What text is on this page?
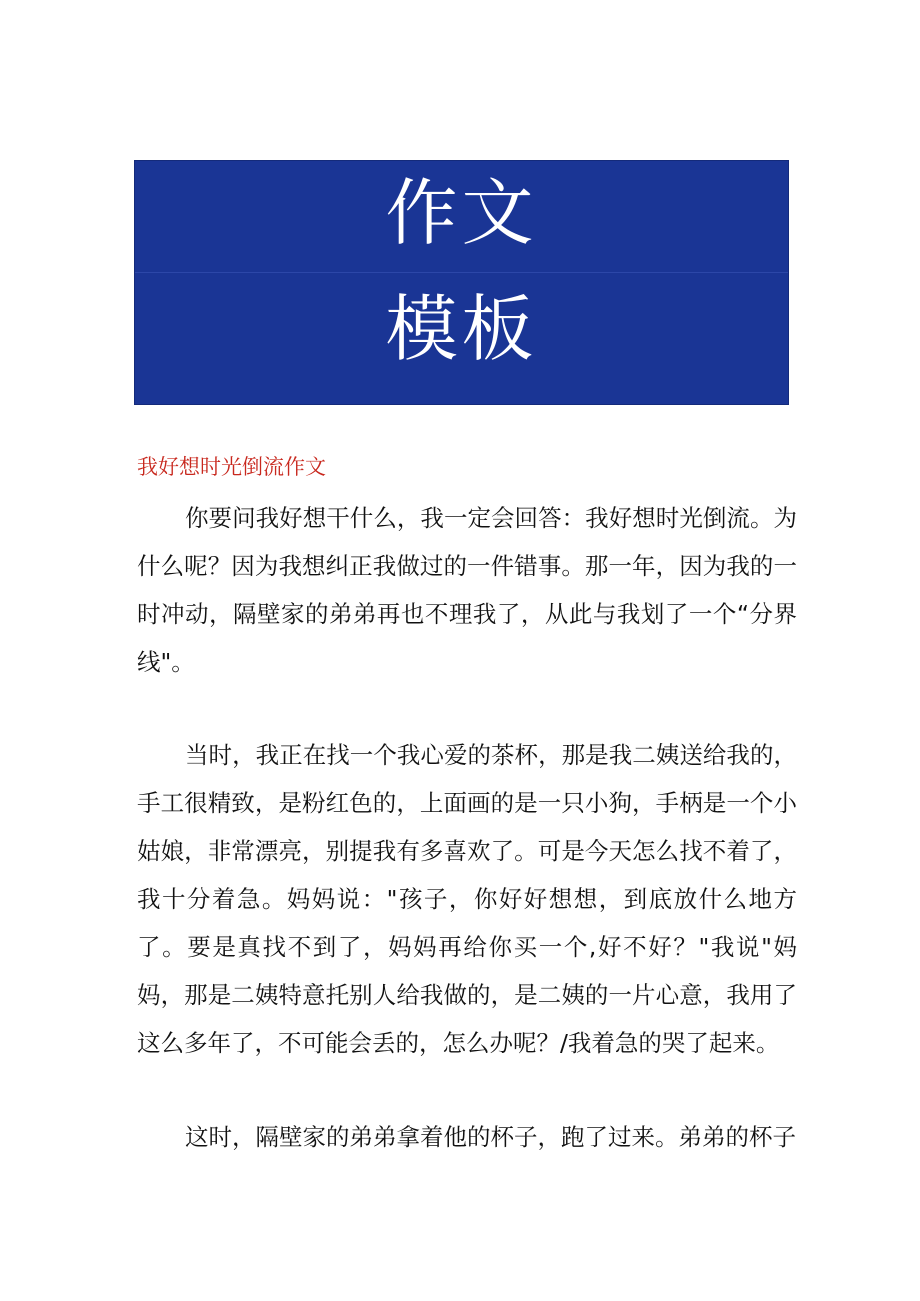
作文
模板
我好想时光倒流作文

你要问我好想干什么，我一定会回答：我好想时光倒流。为什么呢？因为我想纠正我做过的一件错事。那一年，因为我的一时冲动，隔壁家的弟弟再也不理我了，从此与我划了一个“分界线"。

当时，我正在找一个我心爱的茶杯，那是我二姨送给我的，手工很精致，是粉红色的，上面画的是一只小狗，手柄是一个小姑娘，非常漂亮，别提我有多喜欢了。可是今天怎么找不着了，我十分着急。妈妈说："孩子，你好好想想，到底放什么地方了。要是真找不到了，妈妈再给你买一个,好不好？"我说"妈妈，那是二姨特意托别人给我做的，是二姨的一片心意，我用了这么多年了，不可能会丢的，怎么办呢？/我着急的哭了起来。

这时，隔壁家的弟弟拿着他的杯子，跑了过来。弟弟的杯子
